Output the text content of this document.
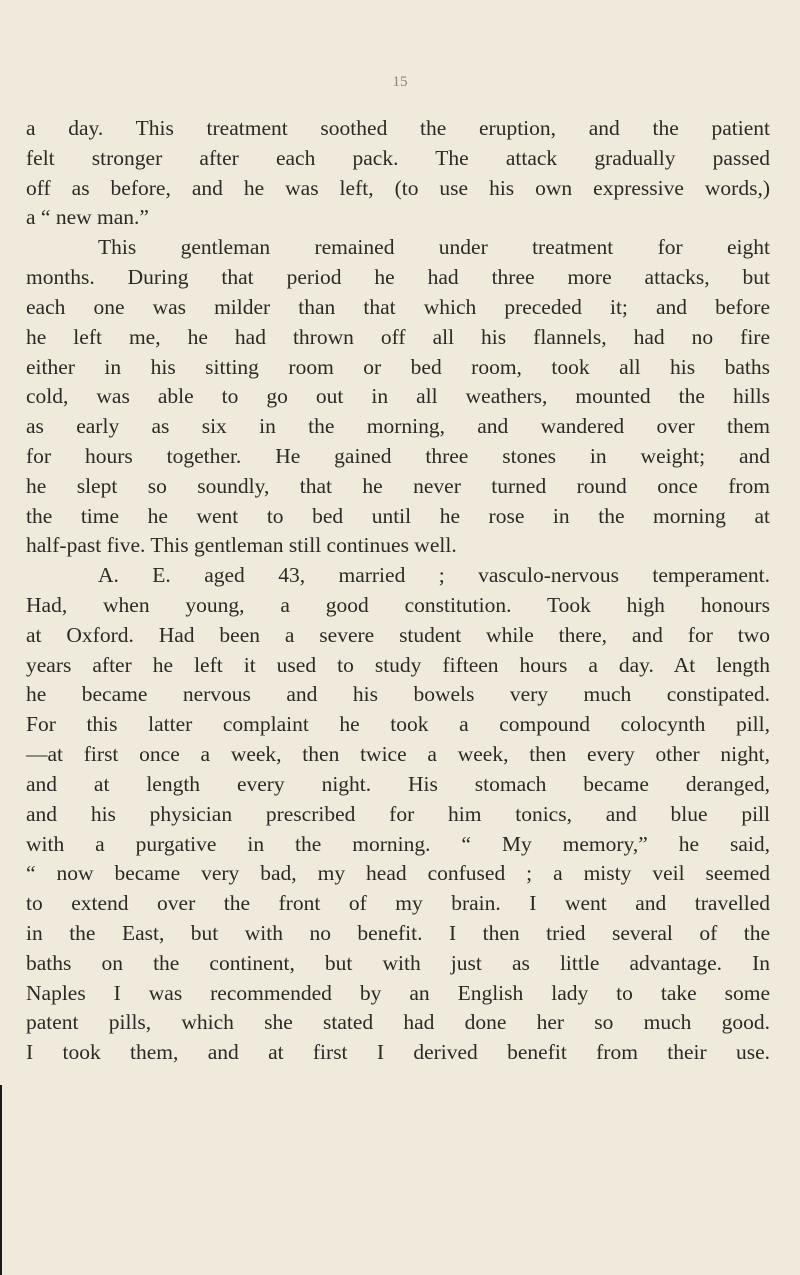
15
a day. This treatment soothed the eruption, and the patient
felt stronger after each pack. The attack gradually passed
off as before, and he was left, (to use his own expressive words,)
a “ new man.”
This gentleman remained under treatment for eight
months. During that period he had three more attacks, but
each one was milder than that which preceded it; and before
he left me, he had thrown off all his flannels, had no fire
either in his sitting room or bed room, took all his baths
cold, was able to go out in all weathers, mounted the hills
as early as six in the morning, and wandered over them
for hours together. He gained three stones in weight; and
he slept so soundly, that he never turned round once from
the time he went to bed until he rose in the morning at
half-past five. This gentleman still continues well.
A. E. aged 43, married ; vasculo-nervous temperament.
Had, when young, a good constitution. Took high honours
at Oxford. Had been a severe student while there, and for two
years after he left it used to study fifteen hours a day. At length
he became nervous and his bowels very much constipated.
For this latter complaint he took a compound colocynth pill,
—at first once a week, then twice a week, then every other night,
and at length every night. His stomach became deranged,
and his physician prescribed for him tonics, and blue pill
with a purgative in the morning. “ My memory,” he said,
“ now became very bad, my head confused ; a misty veil seemed
to extend over the front of my brain. I went and travelled
in the East, but with no benefit. I then tried several of the
baths on the continent, but with just as little advantage. In
Naples I was recommended by an English lady to take some
patent pills, which she stated had done her so much good.
I took them, and at first I derived benefit from their use.
